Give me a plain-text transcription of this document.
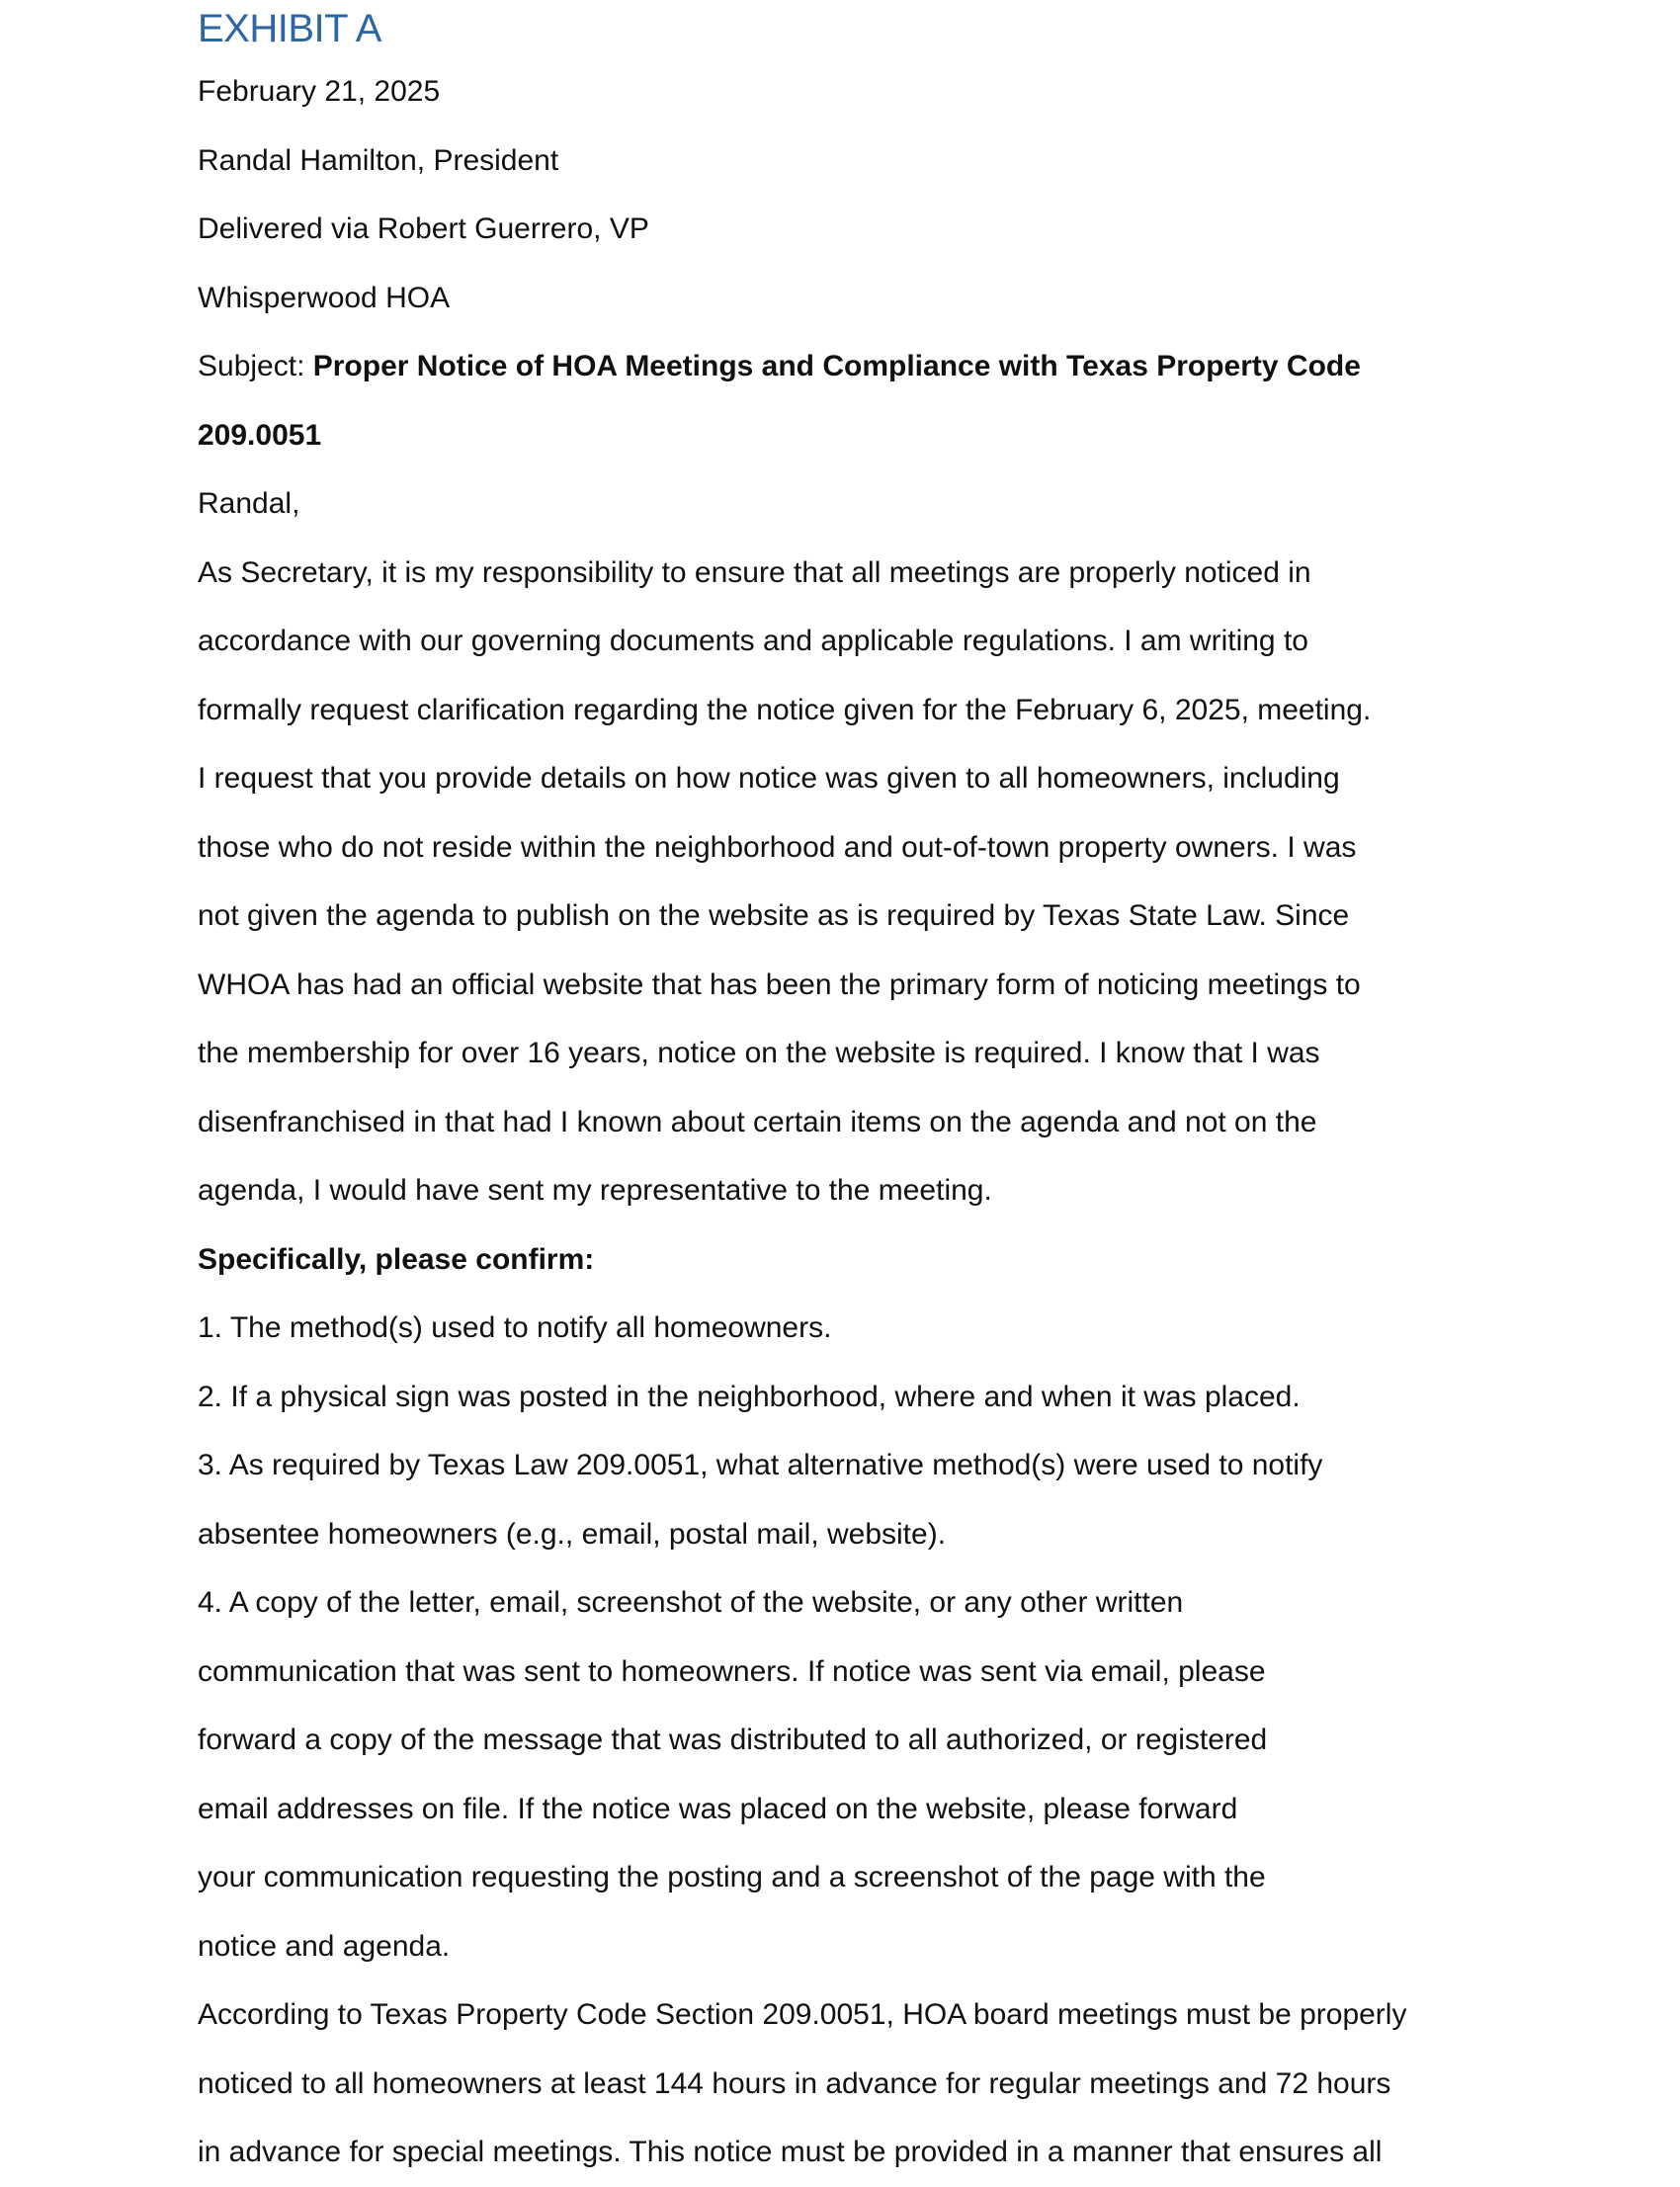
EXHIBIT A

February 21, 2025

Randal Hamilton, President

Delivered via Robert Guerrero, VP

Whisperwood HOA

Subject: Proper Notice of HOA Meetings and Compliance with Texas Property Code

209.0051

Randal,

As Secretary, it is my responsibility to ensure that all meetings are properly noticed in

accordance with our governing documents and applicable regulations. I am writing to

formally request clarification regarding the notice given for the February 6, 2025, meeting.

I request that you provide details on how notice was given to all homeowners, including

those who do not reside within the neighborhood and out-of-town property owners. I was

not given the agenda to publish on the website as is required by Texas State Law. Since

WHOA has had an official website that has been the primary form of noticing meetings to

the membership for over 16 years, notice on the website is required. I know that I was

disenfranchised in that had I known about certain items on the agenda and not on the

agenda, I would have sent my representative to the meeting.

Specifically, please confirm:

1. The method(s) used to notify all homeowners.

2. If a physical sign was posted in the neighborhood, where and when it was placed.

3. As required by Texas Law 209.0051, what alternative method(s) were used to notify

absentee homeowners (e.g., email, postal mail, website).

4. A copy of the letter, email, screenshot of the website, or any other written

communication that was sent to homeowners. If notice was sent via email, please

forward a copy of the message that was distributed to all authorized, or registered

email addresses on file. If the notice was placed on the website, please forward

your communication requesting the posting and a screenshot of the page with the

notice and agenda.

According to Texas Property Code Section 209.0051, HOA board meetings must be properly

noticed to all homeowners at least 144 hours in advance for regular meetings and 72 hours

in advance for special meetings. This notice must be provided in a manner that ensures all
